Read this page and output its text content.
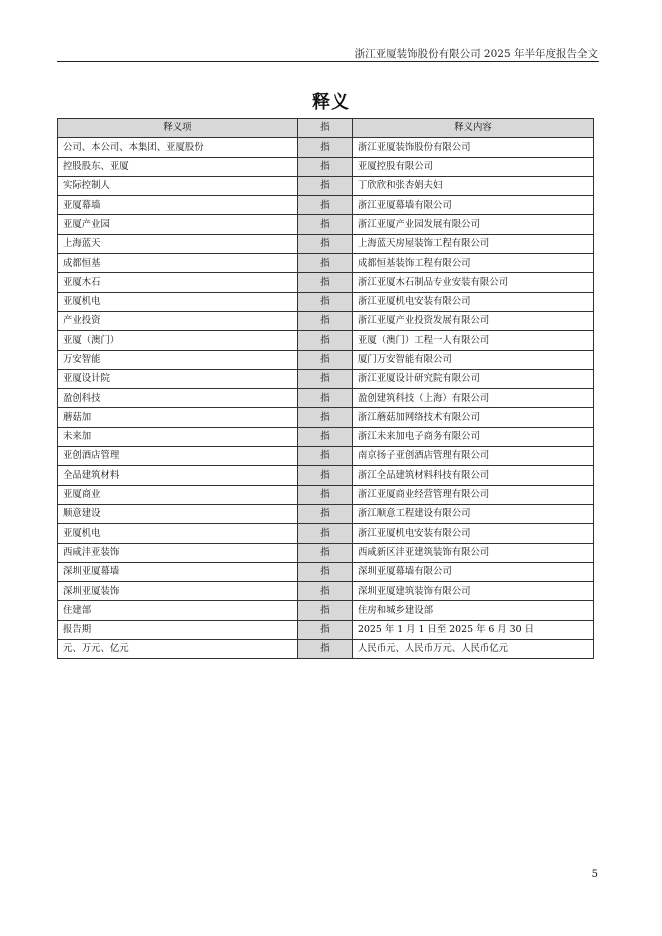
浙江亚厦装饰股份有限公司 2025 年半年度报告全文
释义
释义项	指	释义内容
公司、本公司、本集团、亚厦股份	指	浙江亚厦装饰股份有限公司
控股股东、亚厦	指	亚厦控股有限公司
实际控制人	指	丁欣欣和张杏娟夫妇
亚厦幕墙	指	浙江亚厦幕墙有限公司
亚厦产业园	指	浙江亚厦产业园发展有限公司
上海蓝天	指	上海蓝天房屋装饰工程有限公司
成都恒基	指	成都恒基装饰工程有限公司
亚厦木石	指	浙江亚厦木石制品专业安装有限公司
亚厦机电	指	浙江亚厦机电安装有限公司
产业投资	指	浙江亚厦产业投资发展有限公司
亚厦（澳门）	指	亚厦（澳门）工程一人有限公司
万安智能	指	厦门万安智能有限公司
亚厦设计院	指	浙江亚厦设计研究院有限公司
盈创科技	指	盈创建筑科技（上海）有限公司
蘑菇加	指	浙江蘑菇加网络技术有限公司
未来加	指	浙江未来加电子商务有限公司
亚创酒店管理	指	南京扬子亚创酒店管理有限公司
全品建筑材料	指	浙江全品建筑材料科技有限公司
亚厦商业	指	浙江亚厦商业经营管理有限公司
顺意建设	指	浙江顺意工程建设有限公司
亚厦机电	指	浙江亚厦机电安装有限公司
西咸沣亚装饰	指	西咸新区沣亚建筑装饰有限公司
深圳亚厦幕墙	指	深圳亚厦幕墙有限公司
深圳亚厦装饰	指	深圳亚厦建筑装饰有限公司
住建部	指	住房和城乡建设部
报告期	指	2025 年 1 月 1 日至 2025 年 6 月 30 日
元、万元、亿元	指	人民币元、人民币万元、人民币亿元
5
